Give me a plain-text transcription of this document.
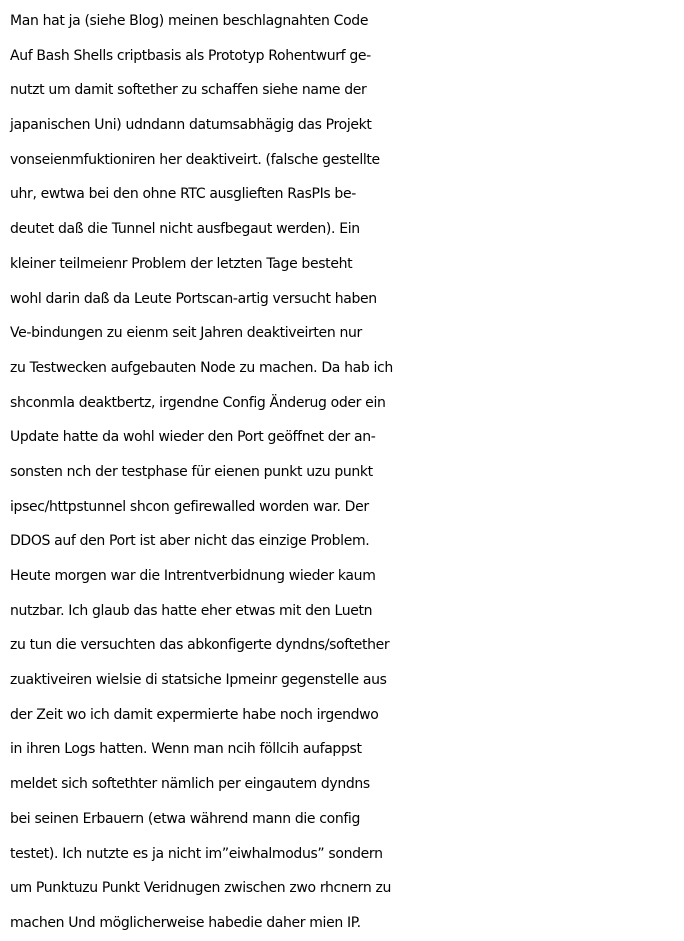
Man hat ja (siehe Blog) meinen beschlagnahten Code
Auf Bash Shells criptbasis als Prototyp Rohentwurf ge-
nutzt um damit softether zu schaffen siehe name der
japanischen Uni) udndann datumsabhägig das Projekt
vonseienmfuktioniren her deaktiveirt. (falsche gestellte
uhr, ewtwa bei den ohne RTC ausglieften RasPIs be-
deutet daß die Tunnel nicht ausfbegaut werden). Ein
kleiner teilmeienr Problem der letzten Tage besteht
wohl darin daß da Leute Portscan-artig versucht haben
Ve-bindungen zu eienm seit Jahren deaktiveirten nur
zu Testwecken aufgebauten Node zu machen. Da hab ich
shconmla deaktbertz, irgendne Config Änderug oder ein
Update hatte da wohl wieder den Port geöffnet der an-
sonsten nch der testphase für eienen punkt uzu punkt
ipsec/httpstunnel shcon gefirewalled worden war. Der
DDOS auf den Port ist aber nicht das einzige Problem.
Heute morgen war die Intrentverbidnung wieder kaum
nutzbar. Ich glaub das hatte eher etwas mit den Luetn
zu tun die versuchten das abkonfigerte dyndns/softether
zuaktiveiren wielsie di statsiche Ipmeinr gegenstelle aus
der Zeit wo ich damit expermierte habe noch irgendwo
in ihren Logs hatten. Wenn man ncih föllcih aufappst
meldet sich softethter nämlich per eingautem dyndns
bei seinen Erbauern (etwa während mann die config
testet). Ich nutzte es ja nicht im”eiwhalmodus” sondern
um Punktuzu Punkt Veridnugen zwischen zwo rhcnern zu
machen Und möglicherweise habedie daher mien IP.
